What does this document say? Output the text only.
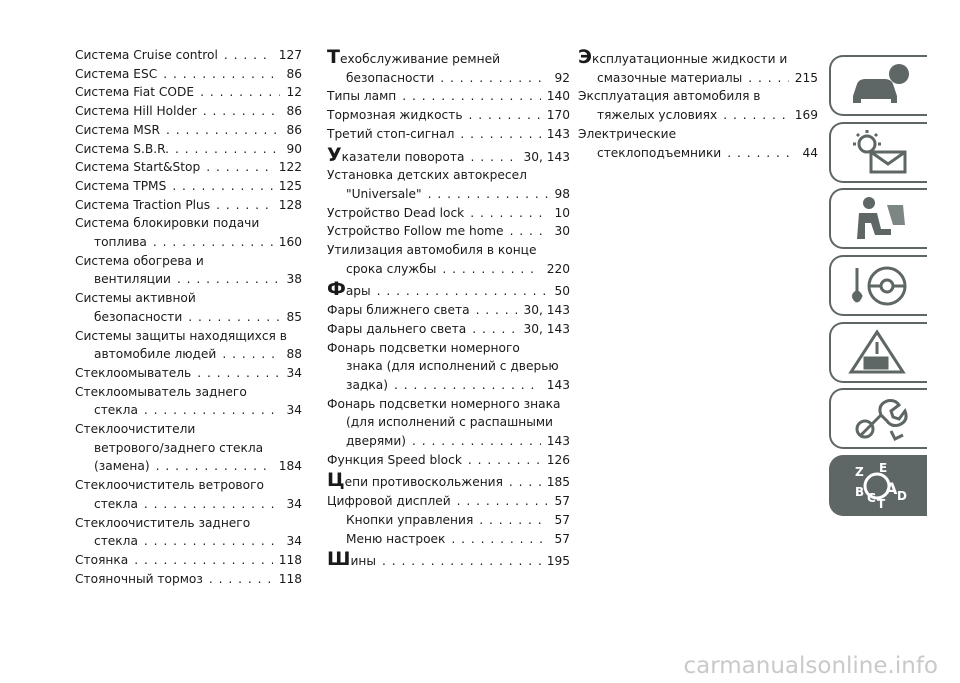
Система Cruise control . . .	127
Система ESC . . .	86
Система Fiat CODE . . .	12
Система Hill Holder . . .	86
Система MSR . . .	86
Система S.B.R. . . .	90
Система Start&Stop . . .	122
Система TPMS . . .	125
Система Traction Plus . . .	128
Система блокировки подачи
топлива . . .	160
Система обогрева и
вентиляции . . .	38
Системы активной
безопасности . . .	85
Системы защиты находящихся в
автомобиле людей . . .	88
Стеклоомыватель . . .	34
Стеклоомыватель заднего
стекла . . .	34
Стеклоочистители
ветрового/заднего стекла
(замена) . . .	184
Стеклоочиститель ветрового
стекла . . .	34
Стеклоочиститель заднего
стекла . . .	34
Стоянка . . .	118
Стояночный тормоз . . .	118
Техобслуживание ремней
безопасности . . .	92
Типы ламп . . .	140
Тормозная жидкость . . .	170
Третий стоп-сигнал . . .	143
Указатели поворота . . .	30, 143
Установка детских автокресел
"Universale" . . .	98
Устройство Dead lock . . .	10
Устройство Follow me home . . .	30
Утилизация автомобиля в конце
срока службы . . .	220
Фары . . .	50
Фары ближнего света . . .	30, 143
Фары дальнего света . . .	30, 143
Фонарь подсветки номерного
знака (для исполнений с дверью
задка) . . .	143
Фонарь подсветки номерного знака
(для исполнений с распашными
дверями) . . .	143
Функция Speed block . . .	126
Цепи противоскольжения . . .	185
Цифровой дисплей . . .	57
Кнопки управления . . .	57
Меню настроек . . .	57
Шины . . .	195
Эксплуатационные жидкости и
смазочные материалы . . .	215
Эксплуатация автомобиля в
тяжелых условиях . . .	169
Электрические
стеклоподъемники . . .	44
Z E
B A
C D
T
carmanualsonline.info
